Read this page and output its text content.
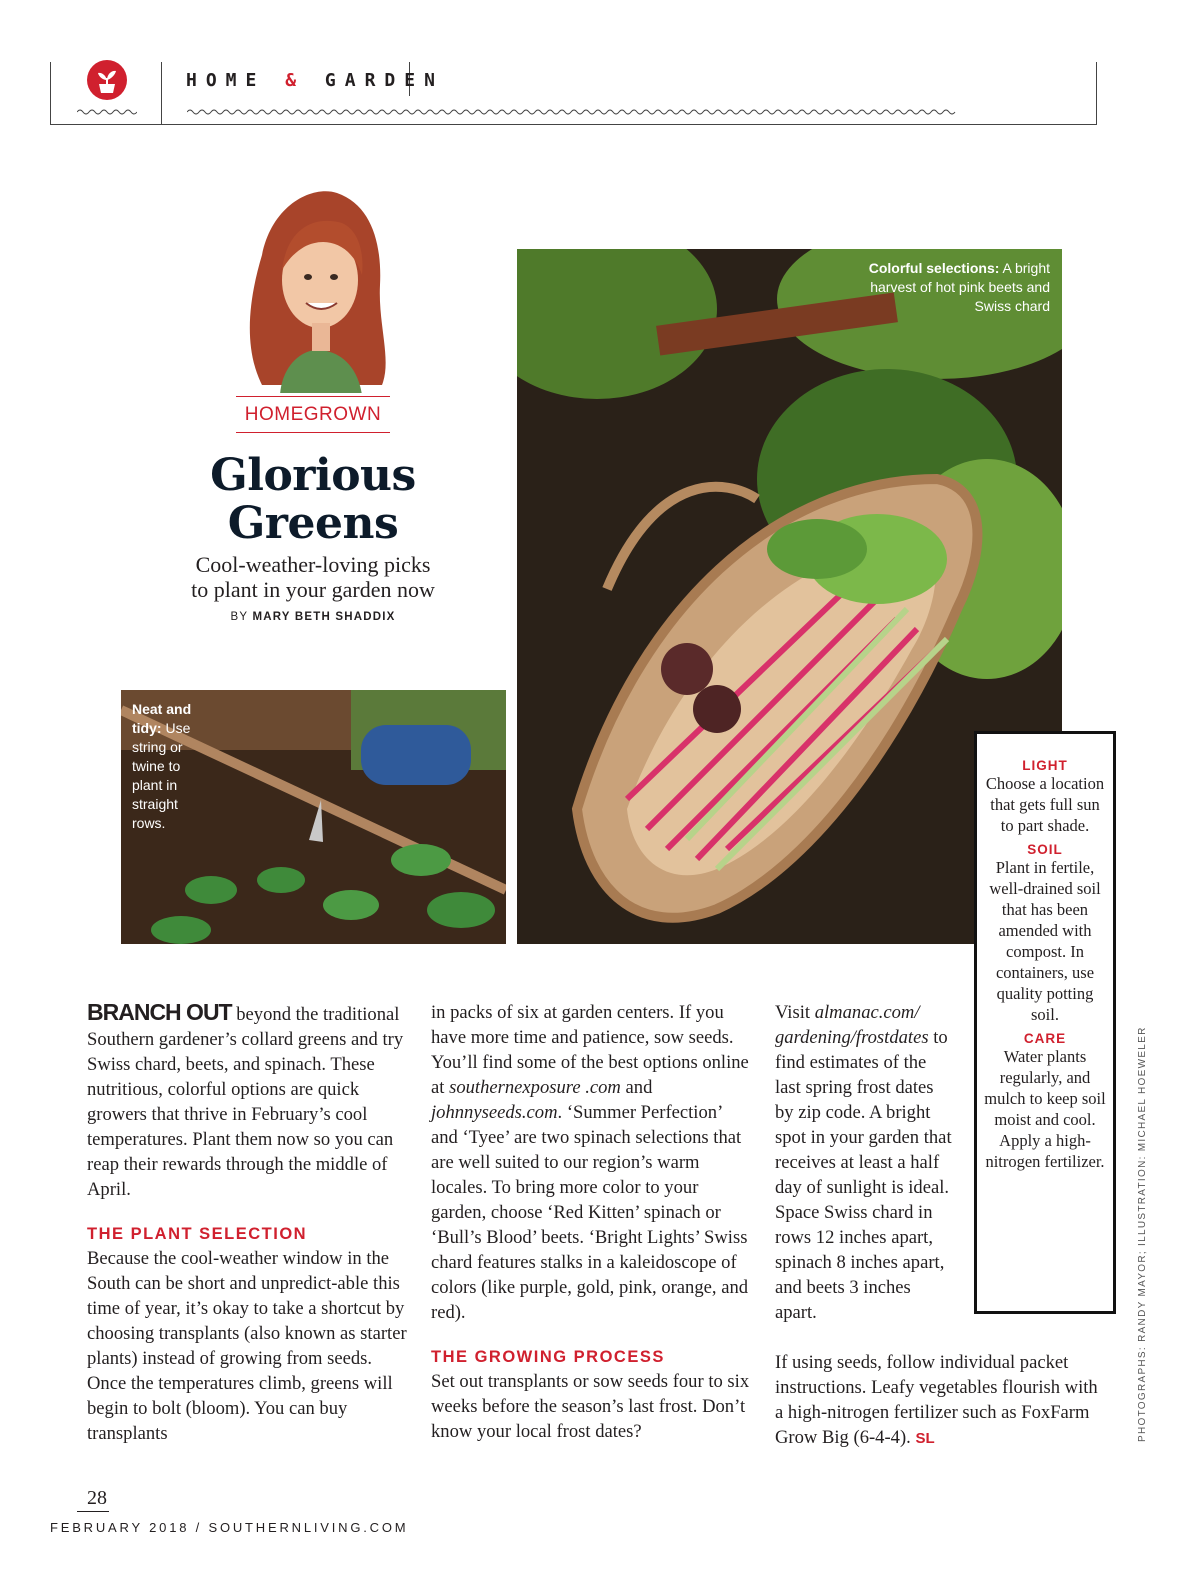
HOME & GARDEN
HOMEGROWN
Glorious
Greens
Cool-weather-loving picks
to plant in your garden now
BY MARY BETH SHADDIX
Colorful selections: A bright harvest of hot pink beets and Swiss chard
Neat and tidy: Use string or twine to plant in straight rows.
LIGHT
Choose a location that gets full sun to part shade.
SOIL
Plant in fertile, well-drained soil that has been amended with compost. In containers, use quality potting soil.
CARE
Water plants regularly, and mulch to keep soil moist and cool. Apply a high-nitrogen fertilizer.

BRANCH OUT beyond the traditional Southern gardener’s collard greens and try Swiss chard, beets, and spinach. These nutritious, colorful options are quick growers that thrive in February’s cool temperatures. Plant them now so you can reap their rewards through the middle of April.

THE PLANT SELECTION

Because the cool-weather window in the South can be short and unpredict-able this time of year, it’s okay to take a shortcut by choosing transplants (also known as starter plants) instead of growing from seeds. Once the temperatures climb, greens will begin to bolt (bloom). You can buy transplants

in packs of six at garden centers. If you have more time and patience, sow seeds. You’ll find some of the best options online at southernexposure .com and johnnyseeds.com. ‘Summer Perfection’ and ‘Tyee’ are two spinach selections that are well suited to our region’s warm locales. To bring more color to your garden, choose ‘Red Kitten’ spinach or ‘Bull’s Blood’ beets. ‘Bright Lights’ Swiss chard features stalks in a kaleidoscope of colors (like purple, gold, pink, orange, and red).

THE GROWING PROCESS

Set out transplants or sow seeds four to six weeks before the season’s last frost. Don’t know your local frost dates?

Visit almanac.com/ gardening/frostdates to find estimates of the last spring frost dates by zip code. A bright spot in your garden that receives at least a half day of sunlight is ideal. Space Swiss chard in rows 12 inches apart, spinach 8 inches apart, and beets 3 inches apart.

If using seeds, follow individual packet instructions. Leafy vegetables flourish with a high-nitrogen fertilizer such as FoxFarm Grow Big (6-4-4). SL	PHOTOGRAPHS: RANDY MAYOR; ILLUSTRATION: MICHAEL HOEWELER
28
FEBRUARY 2018 / SOUTHERNLIVING.COM
